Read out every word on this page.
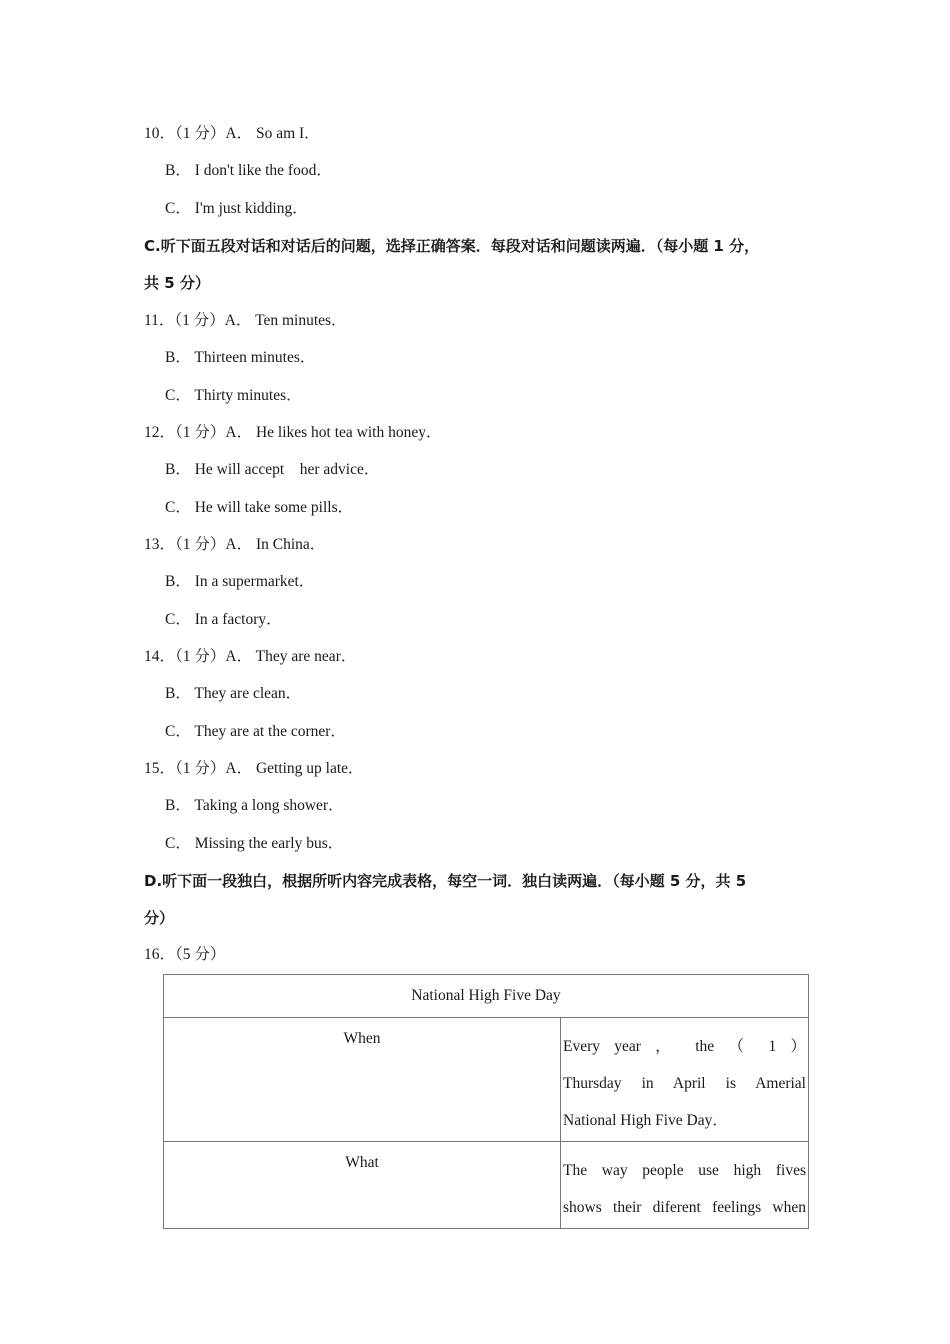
10．（1 分）A． So am I．
B． I don't like the food．
C． I'm just kidding．
C.听下面五段对话和对话后的问题，选择正确答案．每段对话和问题读两遍．（每小题 1 分，
共 5 分）
11．（1 分）A． Ten minutes．
B． Thirteen minutes．
C． Thirty minutes．
12．（1 分）A． He likes hot tea with honey．
B． He will accept    her advice．
C． He will take some pills．
13．（1 分）A． In China．
B． In a supermarket．
C． In a factory．
14．（1 分）A． They are near．
B． They are clean．
C． They are at the corner．
15．（1 分）A． Getting up late．
B． Taking a long shower．
C． Missing the early bus．
D.听下面一段独白，根据所听内容完成表格，每空一词．独白读两遍．（每小题 5 分，共 5
分）
16．（5 分）
National High Five Day	
When	Every year ， the （ 1 ）
Thursday in April is Amerial
National High Five Day．

What	The way people use high fives
shows their diferent feelings when
